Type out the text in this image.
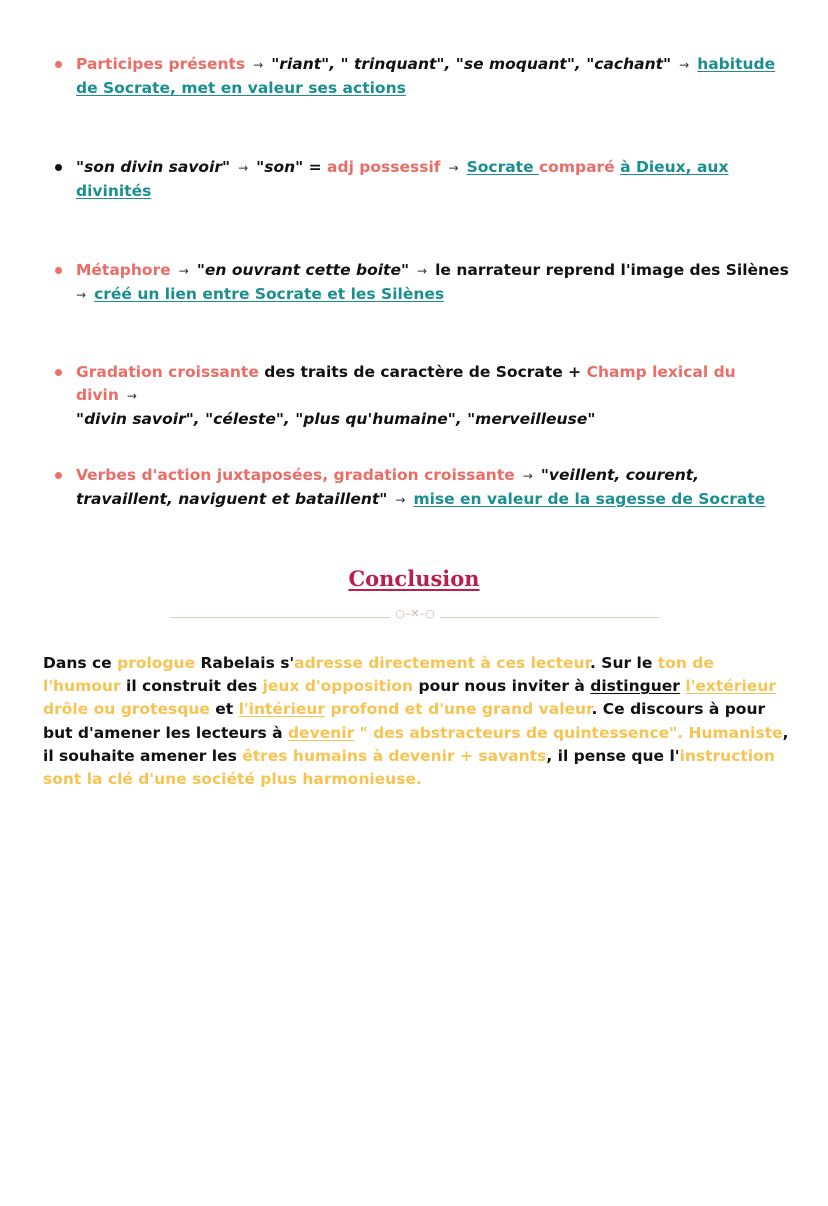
Participes présents → "riant", " trinquant", "se moquant", "cachant" → habitude de Socrate, met en valeur ses actions
"son divin savoir" → "son" = adj possessif → Socrate comparé à Dieux, aux divinités
Métaphore → "en ouvrant cette boite" → le narrateur reprend l'image des Silènes
→ créé un lien entre Socrate et les Silènes
Gradation croissante des traits de caractère de Socrate + Champ lexical du divin →
"divin savoir", "céleste", "plus qu'humaine", "merveilleuse"
Verbes d'action juxtaposées, gradation croissante → "veillent, courent, travaillent, naviguent et bataillent" → mise en valeur de la sagesse de Socrate
Conclusion
○–✕–○
Dans ce prologue Rabelais s'adresse directement à ces lecteur. Sur le ton de l'humour il construit des jeux d'opposition pour nous inviter à distinguer l'extérieur drôle ou grotesque et l'intérieur profond et d'une grand valeur. Ce discours à pour but d'amener les lecteurs à devenir " des abstracteurs de quintessence". Humaniste, il souhaite amener les êtres humains à devenir + savants, il pense que l'instruction sont la clé d'une société plus harmonieuse.
